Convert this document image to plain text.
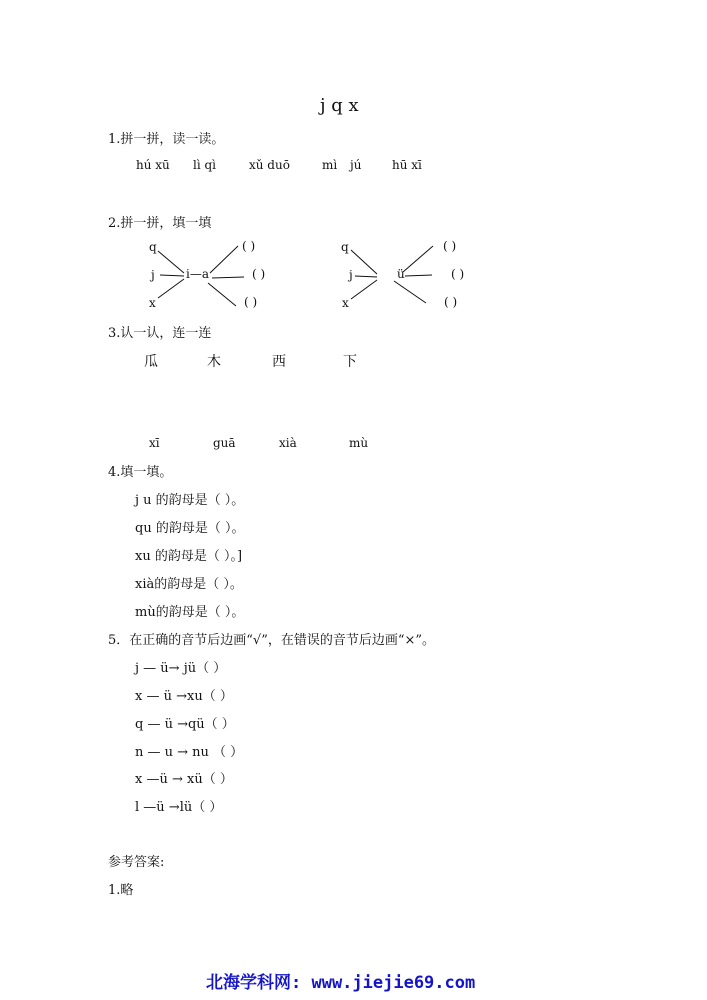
j q x
1.拼一拼，读一读。
hú xū lì qì	xǔ duō	mì jú	hū xī
2.拼一拼，填一填
q
j
x
i—a
( )
( )
( )
q
j
x
ü
( )
( )
( )
3.认一认，连一连
瓜	木	西	下
xī	guā	xià	mù
4.填一填。
j u 的韵母是（ ）。
qu 的韵母是（ ）。
xu 的韵母是（ ）。]
xià的韵母是（ ）。
mù的韵母是（ ）。
5．在正确的音节后边画“√”，在错误的音节后边画“×”。
j — ü→ jü（ ）
x — ü →xu（ ）
q — ü →qü（ ）
n — u → nu （ ）
x —ü → xü（ ）
l —ü →lü（ ）
参考答案:
1.略
北海学科网: www.jiejie69.com
